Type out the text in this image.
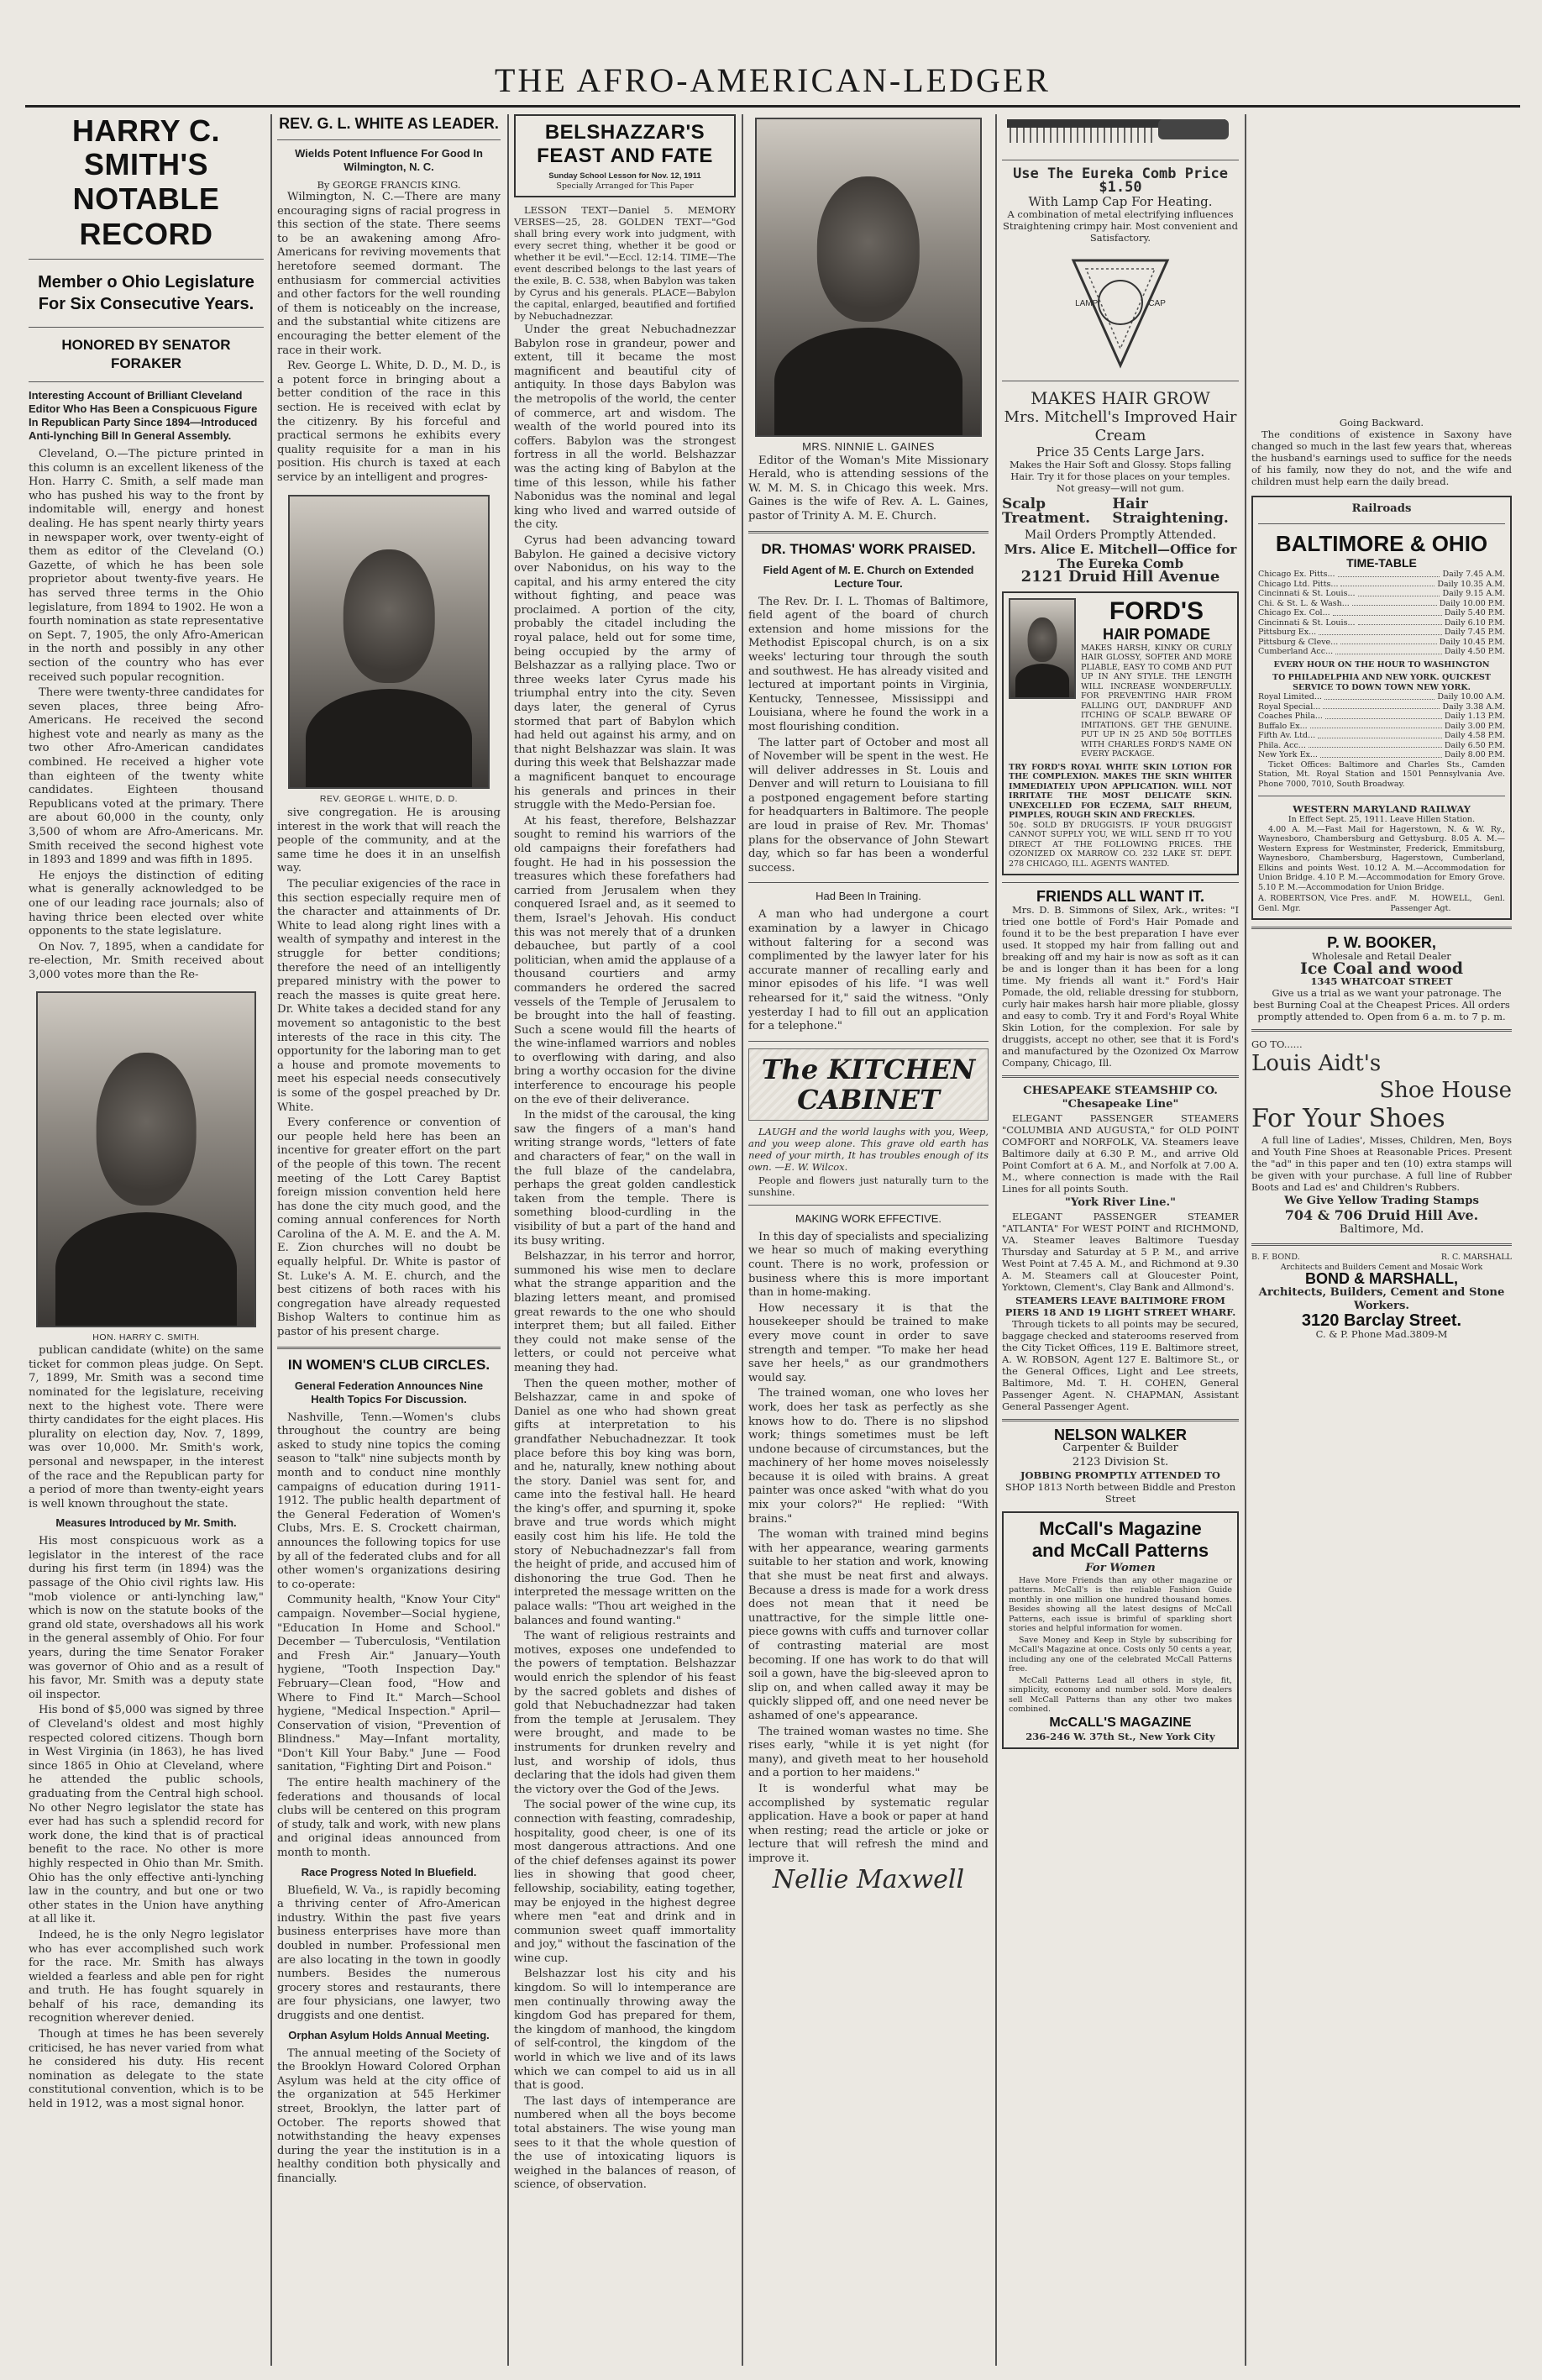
THE AFRO-AMERICAN-LEDGER
HARRY C. SMITH'S
NOTABLE RECORD
Member o Ohio Legislature For Six Consecutive Years.
HONORED BY SENATOR FORAKER
Interesting Account of Brilliant Cleveland Editor Who Has Been a Conspicuous Figure In Republican Party Since 1894—Introduced Anti-lynching Bill In General Assembly.

Cleveland, O.—The picture printed in this column is an excellent likeness of the Hon. Harry C. Smith, a self made man who has pushed his way to the front by indomitable will, energy and honest dealing. He has spent nearly thirty years in newspaper work, over twenty-eight of them as editor of the Cleveland (O.) Gazette, of which he has been sole proprietor about twenty-five years. He has served three terms in the Ohio legislature, from 1894 to 1902. He won a fourth nomination as state representative on Sept. 7, 1905, the only Afro-American in the north and possibly in any other section of the country who has ever received such popular recognition.

There were twenty-three candidates for seven places, three being Afro-Americans. He received the second highest vote and nearly as many as the two other Afro-American candidates combined. He received a higher vote than eighteen of the twenty white candidates. Eighteen thousand Republicans voted at the primary. There are about 60,000 in the county, only 3,500 of whom are Afro-Americans. Mr. Smith received the second highest vote in 1893 and 1899 and was fifth in 1895.

He enjoys the distinction of editing what is generally acknowledged to be one of our leading race journals; also of having thrice been elected over white opponents to the state legislature.

On Nov. 7, 1895, when a candidate for re-election, Mr. Smith received about 3,000 votes more than the Re-

HON. HARRY C. SMITH.

publican candidate (white) on the same ticket for common pleas judge. On Sept. 7, 1899, Mr. Smith was a second time nominated for the legislature, receiving next to the highest vote. There were thirty candidates for the eight places. His plurality on election day, Nov. 7, 1899, was over 10,000. Mr. Smith's work, personal and newspaper, in the interest of the race and the Republican party for a period of more than twenty-eight years is well known throughout the state.

Measures Introduced by Mr. Smith.

His most conspicuous work as a legislator in the interest of the race during his first term (in 1894) was the passage of the Ohio civil rights law. His "mob violence or anti-lynching law," which is now on the statute books of the grand old state, overshadows all his work in the general assembly of Ohio. For four years, during the time Senator Foraker was governor of Ohio and as a result of his favor, Mr. Smith was a deputy state oil inspector.

His bond of $5,000 was signed by three of Cleveland's oldest and most highly respected colored citizens. Though born in West Virginia (in 1863), he has lived since 1865 in Ohio at Cleveland, where he attended the public schools, graduating from the Central high school. No other Negro legislator the state has ever had has such a splendid record for work done, the kind that is of practical benefit to the race. No other is more highly respected in Ohio than Mr. Smith. Ohio has the only effective anti-lynching law in the country, and but one or two other states in the Union have anything at all like it.

Indeed, he is the only Negro legislator who has ever accomplished such work for the race. Mr. Smith has always wielded a fearless and able pen for right and truth. He has fought squarely in behalf of his race, demanding its recognition wherever denied.

Though at times he has been severely criticised, he has never varied from what he considered his duty. His recent nomination as delegate to the state constitutional convention, which is to be held in 1912, was a most signal honor.

REV. G. L. WHITE AS LEADER.
Wields Potent Influence For Good In Wilmington, N. C.
By GEORGE FRANCIS KING.

Wilmington, N. C.—There are many encouraging signs of racial progress in this section of the state. There seems to be an awakening among Afro-Americans for reviving movements that heretofore seemed dormant. The enthusiasm for commercial activities and other factors for the well rounding of them is noticeably on the increase, and the substantial white citizens are encouraging the better element of the race in their work.

Rev. George L. White, D. D., M. D., is a potent force in bringing about a better condition of the race in this section. He is received with eclat by the citizenry. By his forceful and practical sermons he exhibits every quality requisite for a man in his position. His church is taxed at each service by an intelligent and progres-

REV. GEORGE L. WHITE, D. D.

sive congregation. He is arousing interest in the work that will reach the people of the community, and at the same time he does it in an unselfish way.

The peculiar exigencies of the race in this section especially require men of the character and attainments of Dr. White to lead along right lines with a wealth of sympathy and interest in the struggle for better conditions; therefore the need of an intelligently prepared ministry with the power to reach the masses is quite great here. Dr. White takes a decided stand for any movement so antagonistic to the best interests of the race in this city. The opportunity for the laboring man to get a house and promote movements to meet his especial needs consecutively is some of the gospel preached by Dr. White.

Every conference or convention of our people held here has been an incentive for greater effort on the part of the people of this town. The recent meeting of the Lott Carey Baptist foreign mission convention held here has done the city much good, and the coming annual conferences for North Carolina of the A. M. E. and the A. M. E. Zion churches will no doubt be equally helpful. Dr. White is pastor of St. Luke's A. M. E. church, and the best citizens of both races with his congregation have already requested Bishop Walters to continue him as pastor of his present charge.

IN WOMEN'S CLUB CIRCLES.
General Federation Announces Nine Health Topics For Discussion.

Nashville, Tenn.—Women's clubs throughout the country are being asked to study nine topics the coming season to "talk" nine subjects month by month and to conduct nine monthly campaigns of education during 1911-1912. The public health department of the General Federation of Women's Clubs, Mrs. E. S. Crockett chairman, announces the following topics for use by all of the federated clubs and for all other women's organizations desiring to co-operate:

Community health, "Know Your City" campaign. November—Social hygiene, "Education In Home and School." December — Tuberculosis, "Ventilation and Fresh Air." January—Youth hygiene, "Tooth Inspection Day." February—Clean food, "How and Where to Find It." March—School hygiene, "Medical Inspection." April—Conservation of vision, "Prevention of Blindness." May—Infant mortality, "Don't Kill Your Baby." June — Food sanitation, "Fighting Dirt and Poison."

The entire health machinery of the federations and thousands of local clubs will be centered on this program of study, talk and work, with new plans and original ideas announced from month to month.

Race Progress Noted In Bluefield.

Bluefield, W. Va., is rapidly becoming a thriving center of Afro-American industry. Within the past five years business enterprises have more than doubled in number. Professional men are also locating in the town in goodly numbers. Besides the numerous grocery stores and restaurants, there are four physicians, one lawyer, two druggists and one dentist.

Orphan Asylum Holds Annual Meeting.

The annual meeting of the Society of the Brooklyn Howard Colored Orphan Asylum was held at the city office of the organization at 545 Herkimer street, Brooklyn, the latter part of October. The reports showed that notwithstanding the heavy expenses during the year the institution is in a healthy condition both physically and financially.

BELSHAZZAR'S
FEAST AND FATE
Sunday School Lesson for Nov. 12, 1911
Specially Arranged for This Paper

LESSON TEXT—Daniel 5. MEMORY VERSES—25, 28. GOLDEN TEXT—"God shall bring every work into judgment, with every secret thing, whether it be good or whether it be evil."—Eccl. 12:14. TIME—The event described belongs to the last years of the exile, B. C. 538, when Babylon was taken by Cyrus and his generals. PLACE—Babylon the capital, enlarged, beautified and fortified by Nebuchadnezzar.

Under the great Nebuchadnezzar Babylon rose in grandeur, power and extent, till it became the most magnificent and beautiful city of antiquity. In those days Babylon was the metropolis of the world, the center of commerce, art and wisdom. The wealth of the world poured into its coffers. Babylon was the strongest fortress in all the world. Belshazzar was the acting king of Babylon at the time of this lesson, while his father Nabonidus was the nominal and legal king who lived and warred outside of the city.

Cyrus had been advancing toward Babylon. He gained a decisive victory over Nabonidus, on his way to the capital, and his army entered the city without fighting, and peace was proclaimed. A portion of the city, probably the citadel including the royal palace, held out for some time, being occupied by the army of Belshazzar as a rallying place. Two or three weeks later Cyrus made his triumphal entry into the city. Seven days later, the general of Cyrus stormed that part of Babylon which had held out against his army, and on that night Belshazzar was slain. It was during this week that Belshazzar made a magnificent banquet to encourage his generals and princes in their struggle with the Medo-Persian foe.

At his feast, therefore, Belshazzar sought to remind his warriors of the old campaigns their forefathers had fought. He had in his possession the treasures which these forefathers had carried from Jerusalem when they conquered Israel and, as it seemed to them, Israel's Jehovah. His conduct this was not merely that of a drunken debauchee, but partly of a cool politician, when amid the applause of a thousand courtiers and army commanders he ordered the sacred vessels of the Temple of Jerusalem to be brought into the hall of feasting. Such a scene would fill the hearts of the wine-inflamed warriors and nobles to overflowing with daring, and also bring a worthy occasion for the divine interference to encourage his people on the eve of their deliverance.

In the midst of the carousal, the king saw the fingers of a man's hand writing strange words, "letters of fate and characters of fear," on the wall in the full blaze of the candelabra, perhaps the great golden candlestick taken from the temple. There is something blood-curdling in the visibility of but a part of the hand and its busy writing.

Belshazzar, in his terror and horror, summoned his wise men to declare what the strange apparition and the blazing letters meant, and promised great rewards to the one who should interpret them; but all failed. Either they could not make sense of the letters, or could not perceive what meaning they had.

Then the queen mother, mother of Belshazzar, came in and spoke of Daniel as one who had shown great gifts at interpretation to his grandfather Nebuchadnezzar. It took place before this boy king was born, and he, naturally, knew nothing about the story. Daniel was sent for, and came into the festival hall. He heard the king's offer, and spurning it, spoke brave and true words which might easily cost him his life. He told the story of Nebuchadnezzar's fall from the height of pride, and accused him of dishonoring the true God. Then he interpreted the message written on the palace walls: "Thou art weighed in the balances and found wanting."

The want of religious restraints and motives, exposes one undefended to the powers of temptation. Belshazzar would enrich the splendor of his feast by the sacred goblets and dishes of gold that Nebuchadnezzar had taken from the temple at Jerusalem. They were brought, and made to be instruments for drunken revelry and lust, and worship of idols, thus declaring that the idols had given them the victory over the God of the Jews.

The social power of the wine cup, its connection with feasting, comradeship, hospitality, good cheer, is one of its most dangerous attractions. And one of the chief defenses against its power lies in showing that good cheer, fellowship, sociability, eating together, may be enjoyed in the highest degree where men "eat and drink and in communion sweet quaff immortality and joy," without the fascination of the wine cup.

Belshazzar lost his city and his kingdom. So will lo intemperance are men continually throwing away the kingdom God has prepared for them, the kingdom of manhood, the kingdom of self-control, the kingdom of the world in which we live and of its laws which we can compel to aid us in all that is good.

The last days of intemperance are numbered when all the boys become total abstainers. The wise young man sees to it that the whole question of the use of intoxicating liquors is weighed in the balances of reason, of science, of observation.

MRS. NINNIE L. GAINES

Editor of the Woman's Mite Missionary Herald, who is attending sessions of the W. M. M. S. in Chicago this week. Mrs. Gaines is the wife of Rev. A. L. Gaines, pastor of Trinity A. M. E. Church.

DR. THOMAS' WORK PRAISED.
Field Agent of M. E. Church on Extended Lecture Tour.

The Rev. Dr. I. L. Thomas of Baltimore, field agent of the board of church extension and home missions for the Methodist Episcopal church, is on a six weeks' lecturing tour through the south and southwest. He has already visited and lectured at important points in Virginia, Kentucky, Tennessee, Mississippi and Louisiana, where he found the work in a most flourishing condition.

The latter part of October and most all of November will be spent in the west. He will deliver addresses in St. Louis and Denver and will return to Louisiana to fill a postponed engagement before starting for headquarters in Baltimore. The people are loud in praise of Rev. Mr. Thomas' plans for the observance of John Stewart day, which so far has been a wonderful success.

Had Been In Training.

A man who had undergone a court examination by a lawyer in Chicago without faltering for a second was complimented by the lawyer later for his accurate manner of recalling early and minor episodes of his life. "I was well rehearsed for it," said the witness. "Only yesterday I had to fill out an application for a telephone."

The KITCHEN
CABINET

LAUGH and the world laughs with you, Weep, and you weep alone. This grave old earth has need of your mirth, It has troubles enough of its own. —E. W. Wilcox.

People and flowers just naturally turn to the sunshine.

MAKING WORK EFFECTIVE.

In this day of specialists and specializing we hear so much of making everything count. There is no work, profession or business where this is more important than in home-making.

How necessary it is that the housekeeper should be trained to make every move count in order to save strength and temper. "To make her head save her heels," as our grandmothers would say.

The trained woman, one who loves her work, does her task as perfectly as she knows how to do. There is no slipshod work; things sometimes must be left undone because of circumstances, but the machinery of her home moves noiselessly because it is oiled with brains. A great painter was once asked "with what do you mix your colors?" He replied: "With brains."

The woman with trained mind begins with her appearance, wearing garments suitable to her station and work, knowing that she must be neat first and always. Because a dress is made for a work dress does not mean that it need be unattractive, for the simple little one-piece gowns with cuffs and turnover collar of contrasting material are most becoming. If one has work to do that will soil a gown, have the big-sleeved apron to slip on, and when called away it may be quickly slipped off, and one need never be ashamed of one's appearance.

The trained woman wastes no time. She rises early, "while it is yet night (for many), and giveth meat to her household and a portion to her maidens."

It is wonderful what may be accomplished by systematic regular application. Have a book or paper at hand when resting; read the article or joke or lecture that will refresh the mind and improve it.

Nellie Maxwell
Use The Eureka Comb Price $1.50
With Lamp Cap For Heating.
A combination of metal electrifying influences Straightening crimpy hair. Most convenient and Satisfactory.
LAMP	CAP
MAKES HAIR GROW
Mrs. Mitchell's Improved Hair Cream
Price 35 Cents Large Jars.
Makes the Hair Soft and Glossy. Stops falling Hair. Try it for those places on your temples. Not greasy—will not gum.
Scalp Treatment.
Hair Straightening.
Mail Orders Promptly Attended.
Mrs. Alice E. Mitchell—Office for The Eureka Comb
2121 Druid Hill Avenue
FORD'S
HAIR POMADE
MAKES HARSH, KINKY OR CURLY HAIR GLOSSY, SOFTER AND MORE PLIABLE, EASY TO COMB AND PUT UP IN ANY STYLE. THE LENGTH WILL INCREASE WONDERFULLY. FOR PREVENTING HAIR FROM FALLING OUT, DANDRUFF AND ITCHING OF SCALP. BEWARE OF IMITATIONS. GET THE GENUINE. PUT UP IN 25 AND 50¢ BOTTLES WITH CHARLES FORD'S NAME ON EVERY PACKAGE.
TRY FORD'S ROYAL WHITE SKIN LOTION FOR THE COMPLEXION. MAKES THE SKIN WHITER IMMEDIATELY UPON APPLICATION. WILL NOT IRRITATE THE MOST DELICATE SKIN. UNEXCELLED FOR ECZEMA, SALT RHEUM, PIMPLES, ROUGH SKIN AND FRECKLES.
50¢. SOLD BY DRUGGISTS. IF YOUR DRUGGIST CANNOT SUPPLY YOU, WE WILL SEND IT TO YOU DIRECT AT THE FOLLOWING PRICES. THE OZONIZED OX MARROW CO. 232 LAKE ST. DEPT. 278 CHICAGO, ILL. AGENTS WANTED.
FRIENDS ALL WANT IT.

Mrs. D. B. Simmons of Silex, Ark., writes: "I tried one bottle of Ford's Hair Pomade and found it to be the best preparation I have ever used. It stopped my hair from falling out and breaking off and my hair is now as soft as it can be and is longer than it has been for a long time. My friends all want it." Ford's Hair Pomade, the old, reliable dressing for stubborn, curly hair makes harsh hair more pliable, glossy and easy to comb. Try it and Ford's Royal White Skin Lotion, for the complexion. For sale by druggists, accept no other, see that it is Ford's and manufactured by the Ozonized Ox Marrow Company, Chicago, Ill.

CHESAPEAKE STEAMSHIP CO.
"Chesapeake Line"

ELEGANT PASSENGER STEAMERS "COLUMBIA AND AUGUSTA," for OLD POINT COMFORT and NORFOLK, VA. Steamers leave Baltimore daily at 6.30 P. M., and arrive Old Point Comfort at 6 A. M., and Norfolk at 7.00 A. M., where connection is made with the Rail Lines for all points South.

"York River Line."

ELEGANT PASSENGER STEAMER "ATLANTA" For WEST POINT and RICHMOND, VA. Steamer leaves Baltimore Tuesday Thursday and Saturday at 5 P. M., and arrive West Point at 7.45 A. M., and Richmond at 9.30 A. M. Steamers call at Gloucester Point, Yorktown, Clement's, Clay Bank and Allmond's.

STEAMERS LEAVE BALTIMORE FROM PIERS 18 AND 19 LIGHT STREET WHARF.

Through tickets to all points may be secured, baggage checked and staterooms reserved from the City Ticket Offices, 119 E. Baltimore street, A. W. ROBSON, Agent 127 E. Baltimore St., or the General Offices, Light and Lee streets, Baltimore, Md. T. H. COHEN, General Passenger Agent. N. CHAPMAN, Assistant General Passenger Agent.

NELSON WALKER
Carpenter & Builder
2123 Division St.
JOBBING PROMPTLY ATTENDED TO
SHOP 1813 North between Biddle and Preston Street
McCall's Magazine
and McCall Patterns
For Women

Have More Friends than any other magazine or patterns. McCall's is the reliable Fashion Guide monthly in one million one hundred thousand homes. Besides showing all the latest designs of McCall Patterns, each issue is brimful of sparkling short stories and helpful information for women.

Save Money and Keep in Style by subscribing for McCall's Magazine at once. Costs only 50 cents a year, including any one of the celebrated McCall Patterns free.

McCall Patterns Lead all others in style, fit, simplicity, economy and number sold. More dealers sell McCall Patterns than any other two makes combined.

McCALL'S MAGAZINE
236-246 W. 37th St., New York City
Going Backward.

The conditions of existence in Saxony have changed so much in the last few years that, whereas the husband's earnings used to suffice for the needs of his family, now they do not, and the wife and children must help earn the daily bread.

Railroads
BALTIMORE & OHIO
TIME-TABLE
Chicago Ex. Pitts...	Daily 7.45 A.M.
Chicago Ltd. Pitts...	Daily 10.35 A.M.
Cincinnati & St. Louis...	Daily 9.15 A.M.
Chi. & St. L. & Wash...	Daily 10.00 P.M.
Chicago Ex. Col...	Daily 5.40 P.M.
Cincinnati & St. Louis...	Daily 6.10 P.M.
Pittsburg Ex...	Daily 7.45 P.M.
Pittsburg & Cleve...	Daily 10.45 P.M.
Cumberland Acc...	Daily 4.50 P.M.
EVERY HOUR ON THE HOUR TO WASHINGTON
TO PHILADELPHIA AND NEW YORK. QUICKEST SERVICE TO DOWN TOWN NEW YORK.
Royal Limited...	Daily 10.00 A.M.
Royal Special...	Daily 3.38 A.M.
Coaches Phila...	Daily 1.13 P.M.
Buffalo Ex...	Daily 3.00 P.M.
Fifth Av. Ltd...	Daily 4.58 P.M.
Phila. Acc...	Daily 6.50 P.M.
New York Ex...	Daily 8.00 P.M.

Ticket Offices: Baltimore and Charles Sts., Camden Station, Mt. Royal Station and 1501 Pennsylvania Ave. Phone 7000, 7010, South Broadway.

WESTERN MARYLAND RAILWAY
In Effect Sept. 25, 1911. Leave Hillen Station.

4.00 A. M.—Fast Mail for Hagerstown, N. & W. Ry., Waynesboro, Chambersburg and Gettysburg. 8.05 A. M.—Western Express for Westminster, Frederick, Emmitsburg, Waynesboro, Chambersburg, Hagerstown, Cumberland, Elkins and points West. 10.12 A. M.—Accommodation for Union Bridge. 4.10 P. M.—Accommodation for Emory Grove. 5.10 P. M.—Accommodation for Union Bridge.

A. ROBERTSON, Vice Pres. and Genl. Mgr.
F. M. HOWELL, Genl. Passenger Agt.
P. W. BOOKER,
Wholesale and Retail Dealer
Ice Coal and wood
1345 WHATCOAT STREET

Give us a trial as we want your patronage. The best Burning Coal at the Cheapest Prices. All orders promptly attended to. Open from 6 a. m. to 7 p. m.

GO TO......
Louis Aidt's
Shoe House
For Your Shoes

A full line of Ladies', Misses, Children, Men, Boys and Youth Fine Shoes at Reasonable Prices. Present the "ad" in this paper and ten (10) extra stamps will be given with your purchase. A full line of Rubber Boots and Lad es' and Children's Rubbers.

We Give Yellow Trading Stamps
704 & 706 Druid Hill Ave.
Baltimore, Md.
B. F. BOND.	R. C. MARSHALL
Architects and Builders Cement and Mosaic Work
BOND & MARSHALL,
Architects, Builders, Cement and Stone Workers.
3120 Barclay Street.
C. & P. Phone Mad.3809-M
